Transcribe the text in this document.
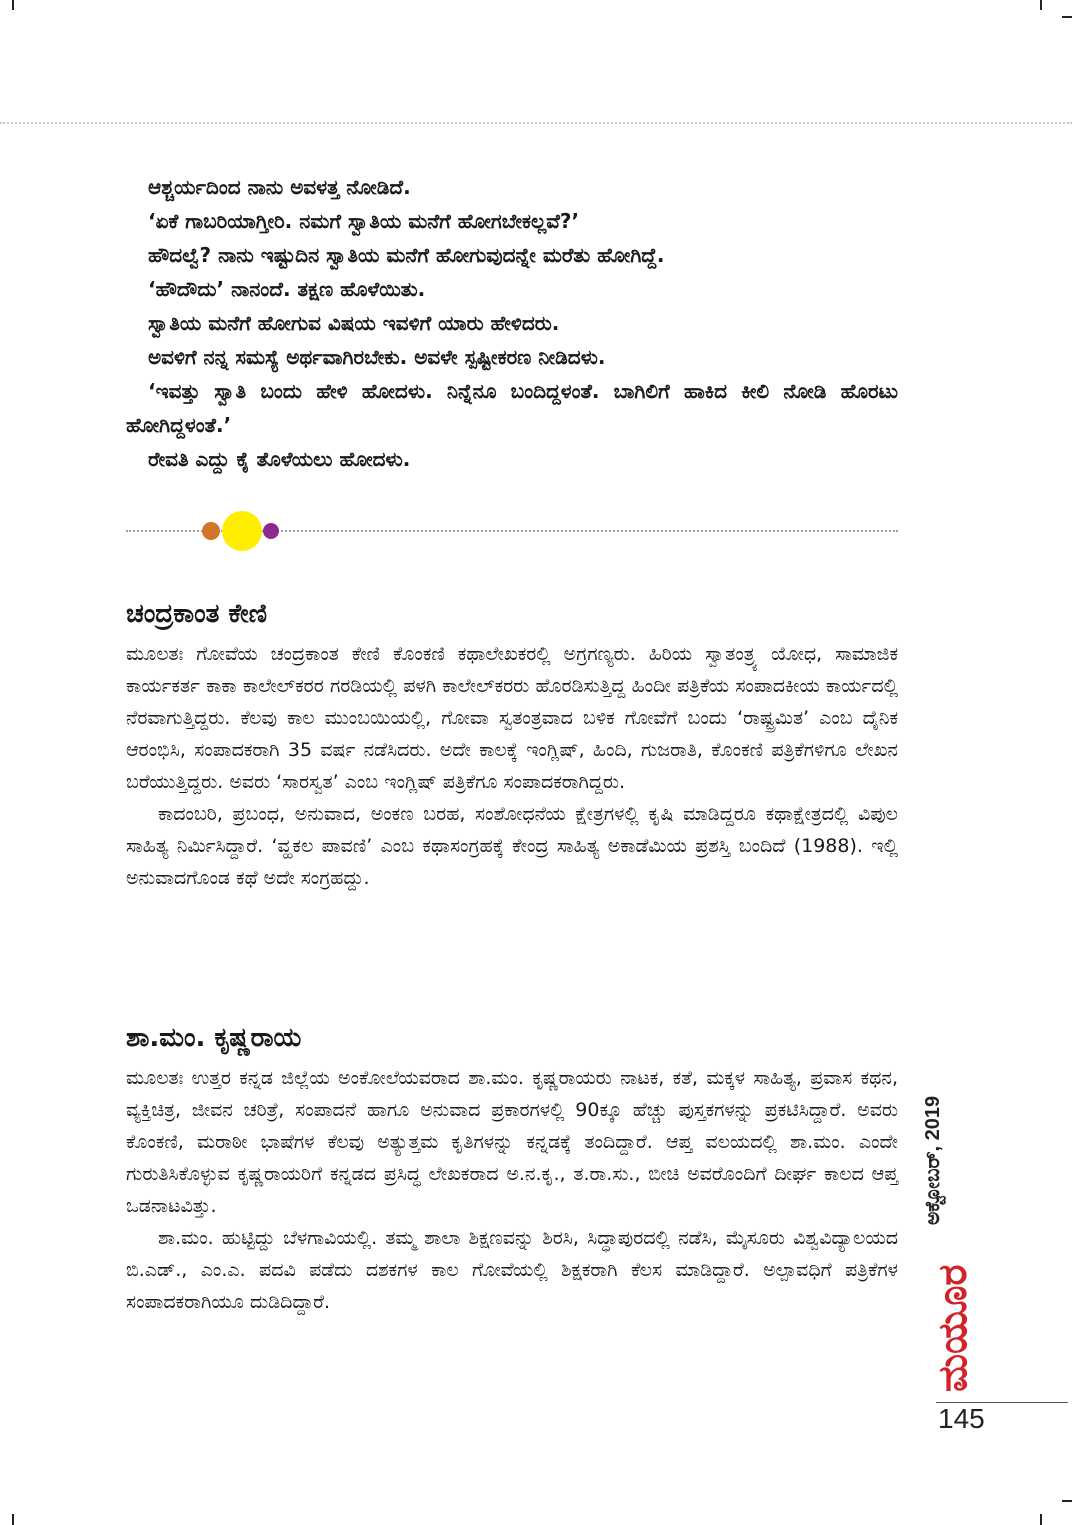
ಆಶ್ಚರ್ಯದಿಂದ ನಾನು ಅವಳತ್ತ ನೋಡಿದೆ.

‘ಏಕೆ ಗಾಬರಿಯಾಗ್ತೀರಿ. ನಮಗೆ ಸ್ವಾತಿಯ ಮನೆಗೆ ಹೋಗಬೇಕಲ್ಲವೆ?’

ಹೌದಲ್ವೆ? ನಾನು ಇಷ್ಟುದಿನ ಸ್ವಾತಿಯ ಮನೆಗೆ ಹೋಗುವುದನ್ನೇ ಮರೆತು ಹೋಗಿದ್ದೆ.

‘ಹೌದೌದು’ ನಾನಂದೆ. ತಕ್ಷಣ ಹೊಳೆಯಿತು.

ಸ್ವಾತಿಯ ಮನೆಗೆ ಹೋಗುವ ವಿಷಯ ಇವಳಿಗೆ ಯಾರು ಹೇಳಿದರು.

ಅವಳಿಗೆ ನನ್ನ ಸಮಸ್ಯೆ ಅರ್ಥವಾಗಿರಬೇಕು. ಅವಳೇ ಸ್ಪಷ್ಟೀಕರಣ ನೀಡಿದಳು.

‘ಇವತ್ತು ಸ್ವಾತಿ ಬಂದು ಹೇಳಿ ಹೋದಳು. ನಿನ್ನೆನೂ ಬಂದಿದ್ದಳಂತೆ. ಬಾಗಿಲಿಗೆ ಹಾಕಿದ ಕೀಲಿ ನೋಡಿ ಹೊರಟು ಹೋಗಿದ್ದಳಂತೆ.’

ರೇವತಿ ಎದ್ದು ಕೈ ತೊಳೆಯಲು ಹೋದಳು.

ಚಂದ್ರಕಾಂತ ಕೇಣಿ

ಮೂಲತಃ ಗೋವೆಯ ಚಂದ್ರಕಾಂತ ಕೇಣಿ ಕೊಂಕಣಿ ಕಥಾಲೇಖಕರಲ್ಲಿ ಅಗ್ರಗಣ್ಯರು. ಹಿರಿಯ ಸ್ವಾತಂತ್ರ್ಯ ಯೋಧ, ಸಾಮಾಜಿಕ ಕಾರ್ಯಕರ್ತ ಕಾಕಾ ಕಾಲೇಲ್‌ಕರರ ಗರಡಿಯಲ್ಲಿ ಪಳಗಿ ಕಾಲೇಲ್‌ಕರರು ಹೊರಡಿಸುತ್ತಿದ್ದ ಹಿಂದೀ ಪತ್ರಿಕೆಯ ಸಂಪಾದಕೀಯ ಕಾರ್ಯದಲ್ಲಿ ನೆರವಾಗುತ್ತಿದ್ದರು. ಕೆಲವು ಕಾಲ ಮುಂಬಯಿಯಲ್ಲಿ, ಗೋವಾ ಸ್ವತಂತ್ರವಾದ ಬಳಿಕ ಗೋವೆಗೆ ಬಂದು ‘ರಾಷ್ಟ್ರಮಿತ’ ಎಂಬ ದೈನಿಕ ಆರಂಭಿಸಿ, ಸಂಪಾದಕರಾಗಿ 35 ವರ್ಷ ನಡೆಸಿದರು. ಅದೇ ಕಾಲಕ್ಕೆ ಇಂಗ್ಲಿಷ್, ಹಿಂದಿ, ಗುಜರಾತಿ, ಕೊಂಕಣಿ ಪತ್ರಿಕೆಗಳಿಗೂ ಲೇಖನ ಬರೆಯುತ್ತಿದ್ದರು. ಅವರು ‘ಸಾರಸ್ವತ’ ಎಂಬ ಇಂಗ್ಲಿಷ್ ಪತ್ರಿಕೆಗೂ ಸಂಪಾದಕರಾಗಿದ್ದರು.

ಕಾದಂಬರಿ, ಪ್ರಬಂಧ, ಅನುವಾದ, ಅಂಕಣ ಬರಹ, ಸಂಶೋಧನೆಯ ಕ್ಷೇತ್ರಗಳಲ್ಲಿ ಕೃಷಿ ಮಾಡಿದ್ದರೂ ಕಥಾಕ್ಷೇತ್ರದಲ್ಲಿ ವಿಪುಲ ಸಾಹಿತ್ಯ ನಿರ್ಮಿಸಿದ್ದಾರೆ. ‘ವ್ಹಕಲ ಪಾವಣಿ’ ಎಂಬ ಕಥಾಸಂಗ್ರಹಕ್ಕೆ ಕೇಂದ್ರ ಸಾಹಿತ್ಯ ಅಕಾಡೆಮಿಯ ಪ್ರಶಸ್ತಿ ಬಂದಿದೆ (1988). ಇಲ್ಲಿ ಅನುವಾದಗೊಂಡ ಕಥೆ ಅದೇ ಸಂಗ್ರಹದ್ದು.

ಶಾ.ಮಂ. ಕೃಷ್ಣರಾಯ

ಮೂಲತಃ ಉತ್ತರ ಕನ್ನಡ ಜಿಲ್ಲೆಯ ಅಂಕೋಲೆಯವರಾದ ಶಾ.ಮಂ. ಕೃಷ್ಣರಾಯರು ನಾಟಕ, ಕತೆ, ಮಕ್ಕಳ ಸಾಹಿತ್ಯ, ಪ್ರವಾಸ ಕಥನ, ವ್ಯಕ್ತಿಚಿತ್ರ, ಜೀವನ ಚರಿತ್ರೆ, ಸಂಪಾದನೆ ಹಾಗೂ ಅನುವಾದ ಪ್ರಕಾರಗಳಲ್ಲಿ 90ಕ್ಕೂ ಹೆಚ್ಚು ಪುಸ್ತಕಗಳನ್ನು ಪ್ರಕಟಿಸಿದ್ದಾರೆ. ಅವರು ಕೊಂಕಣಿ, ಮರಾಠೀ ಭಾಷೆಗಳ ಕೆಲವು ಅತ್ಯುತ್ತಮ ಕೃತಿಗಳನ್ನು ಕನ್ನಡಕ್ಕೆ ತಂದಿದ್ದಾರೆ. ಆಪ್ತ ವಲಯದಲ್ಲಿ ಶಾ.ಮಂ. ಎಂದೇ ಗುರುತಿಸಿಕೊಳ್ಳುವ ಕೃಷ್ಣರಾಯರಿಗೆ ಕನ್ನಡದ ಪ್ರಸಿದ್ಧ ಲೇಖಕರಾದ ಅ.ನ.ಕೃ., ತ.ರಾ.ಸು., ಬೀಚಿ ಅವರೊಂದಿಗೆ ದೀರ್ಘ ಕಾಲದ ಆಪ್ತ ಒಡನಾಟವಿತ್ತು.

ಶಾ.ಮಂ. ಹುಟ್ಟಿದ್ದು ಬೆಳಗಾವಿಯಲ್ಲಿ. ತಮ್ಮ ಶಾಲಾ ಶಿಕ್ಷಣವನ್ನು ಶಿರಸಿ, ಸಿದ್ಧಾಪುರದಲ್ಲಿ ನಡೆಸಿ, ಮೈಸೂರು ವಿಶ್ವವಿದ್ಯಾಲಯದ ಬಿ.ಎಡ್., ಎಂ.ಎ. ಪದವಿ ಪಡೆದು ದಶಕಗಳ ಕಾಲ ಗೋವೆಯಲ್ಲಿ ಶಿಕ್ಷಕರಾಗಿ ಕೆಲಸ ಮಾಡಿದ್ದಾರೆ. ಅಲ್ಪಾವಧಿಗೆ ಪತ್ರಿಕೆಗಳ ಸಂಪಾದಕರಾಗಿಯೂ ದುಡಿದಿದ್ದಾರೆ.

ಅಕ್ಟೋಬರ್, 2019
ಮಯೂರ
145
